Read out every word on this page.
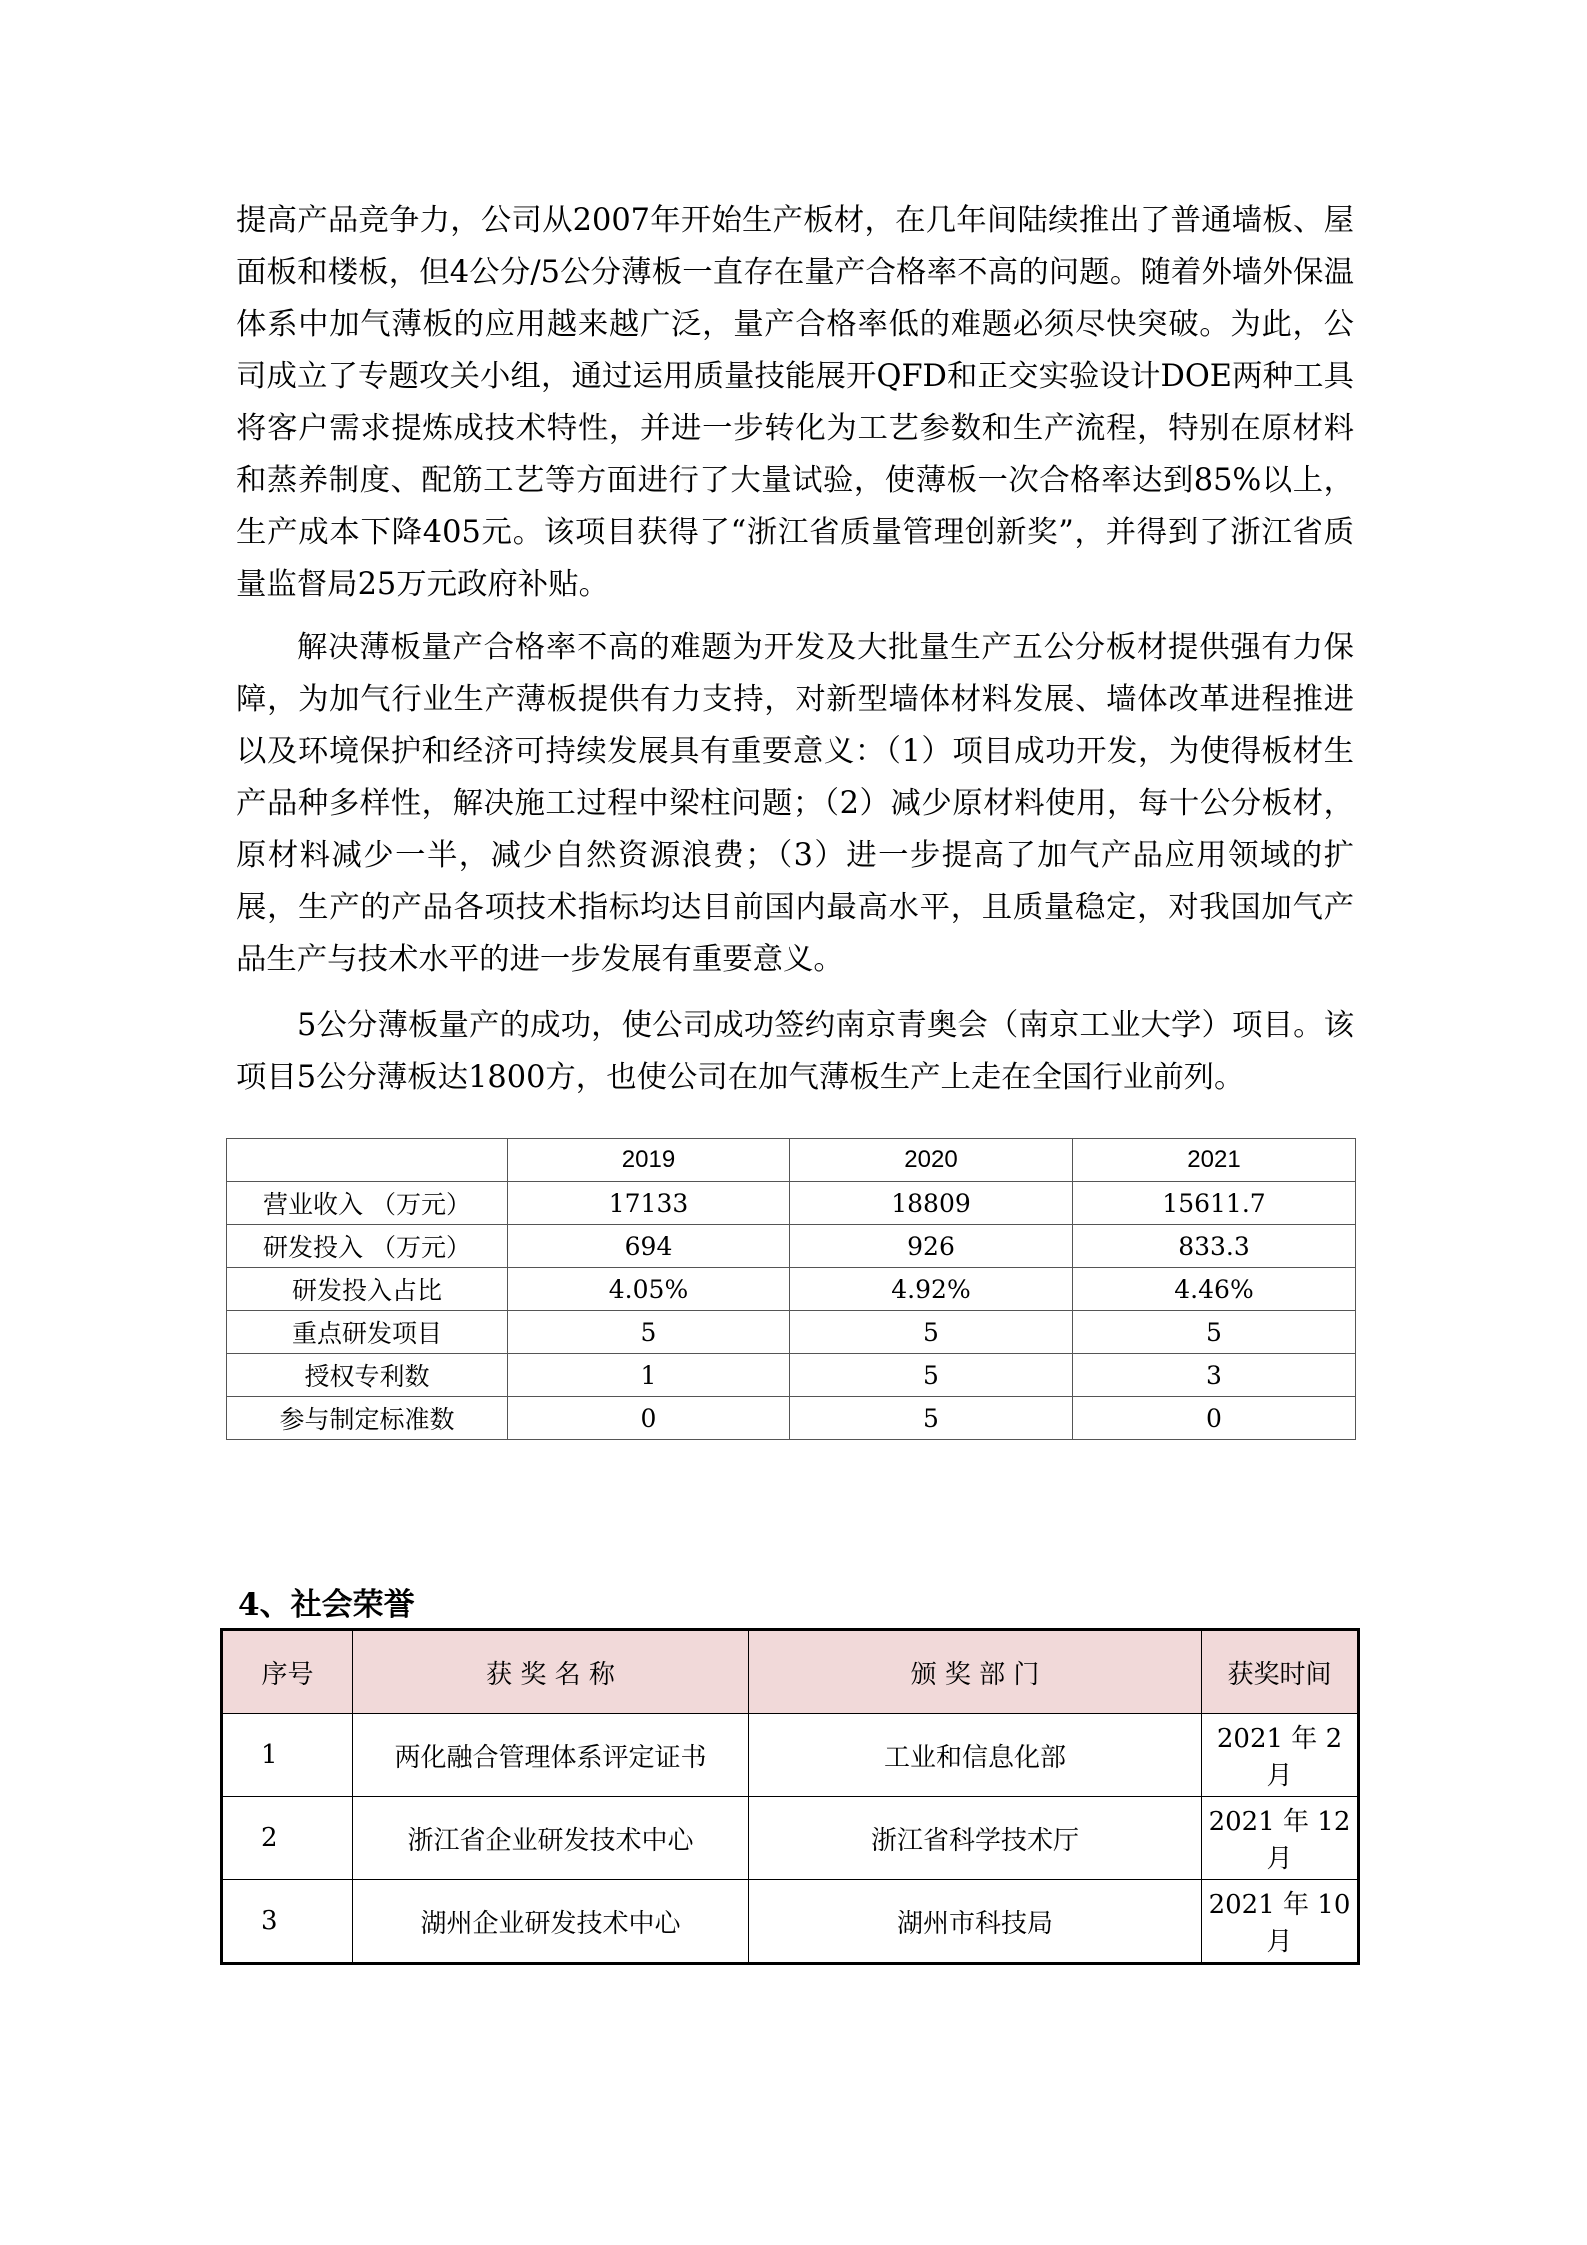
提高产品竞争力，公司从2007年开始生产板材，在几年间陆续推出了普通墙板、屋面板和楼板，但4公分/5公分薄板一直存在量产合格率不高的问题。随着外墙外保温体系中加气薄板的应用越来越广泛，量产合格率低的难题必须尽快突破。为此，公司成立了专题攻关小组，通过运用质量技能展开QFD和正交实验设计DOE两种工具将客户需求提炼成技术特性，并进一步转化为工艺参数和生产流程，特别在原材料和蒸养制度、配筋工艺等方面进行了大量试验，使薄板一次合格率达到85%以上，生产成本下降405元。该项目获得了“浙江省质量管理创新奖”，并得到了浙江省质量监督局25万元政府补贴。

解决薄板量产合格率不高的难题为开发及大批量生产五公分板材提供强有力保障，为加气行业生产薄板提供有力支持，对新型墙体材料发展、墙体改革进程推进以及环境保护和经济可持续发展具有重要意义：（1）项目成功开发，为使得板材生产品种多样性，解决施工过程中梁柱问题；（2）减少原材料使用，每十公分板材，原材料减少一半，减少自然资源浪费；（3）进一步提高了加气产品应用领域的扩展，生产的产品各项技术指标均达目前国内最高水平，且质量稳定，对我国加气产品生产与技术水平的进一步发展有重要意义。

5公分薄板量产的成功，使公司成功签约南京青奥会（南京工业大学）项目。该项目5公分薄板达1800方，也使公司在加气薄板生产上走在全国行业前列。

	2019	2020	2021
营业收入 （万元）	17133	18809	15611.7
研发投入 （万元）	694	926	833.3
研发投入占比	4.05%	4.92%	4.46%
重点研发项目	5	5	5
授权专利数	1	5	3
参与制定标准数	0	5	0
4、社会荣誉
序号	获 奖 名 称	颁 奖 部 门	获奖时间
1	两化融合管理体系评定证书	工业和信息化部	2021 年 2 月
2	浙江省企业研发技术中心	浙江省科学技术厅	2021 年 12 月
3	湖州企业研发技术中心	湖州市科技局	2021 年 10 月
